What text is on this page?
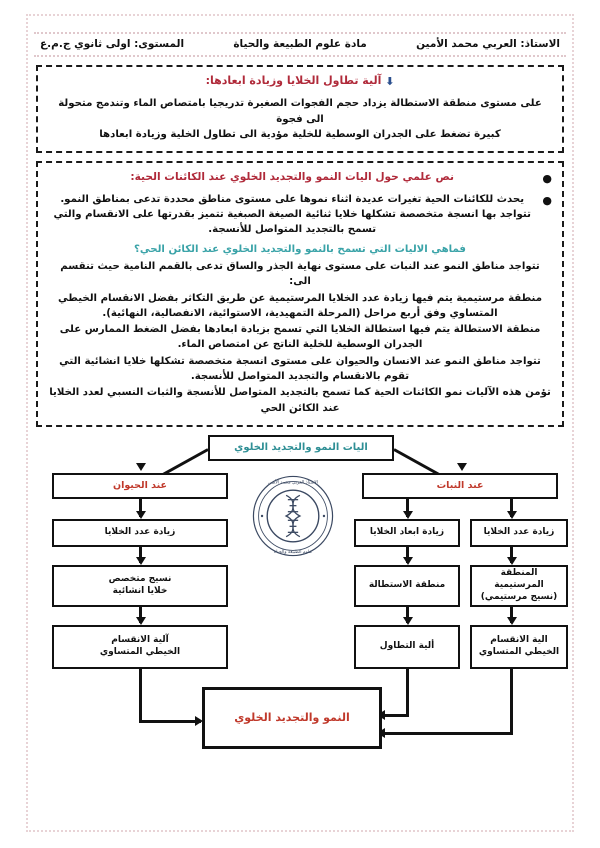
الاستاذ: العربي محمد الأمين
مادة علوم الطبيعة والحياة
المستوى: اولى ثانوي ج.م.ع
⬇ آلية تطاول الخلايا وزيادة ابعادها:
على مستوى منطقة الاستطالة يزداد حجم الفجوات الصغيرة تدريجيا بامتصاص الماء وتندمج متحولة الى فجوة
كبيرة تضغط على الجدران الوسطية للخلية مؤدية الى تطاول الخلية وزيادة ابعادها
●
نص علمي حول اليات النمو والتجديد الخلوي عند الكائنات الحية:
●
يحدث للكائنات الحية تغيرات عديدة اثناء نموها على مستوى مناطق محددة تدعى بمناطق النمو. تتواجد بها انسجة متخصصة تشكلها خلايا ثنائية الصيغة الصبغية تتميز بقدرتها على الانقسام والتي تسمح بالتجديد المتواصل للأنسجة.
فماهي الاليات التي تسمح بالنمو والتجديد الخلوي عند الكائن الحي؟
تتواجد مناطق النمو عند النبات على مستوى نهاية الجذر والساق تدعى بالقمم النامية حيث تنقسم الى:
منطقة مرستيمية يتم فيها زيادة عدد الخلايا المرستيمية عن طريق التكاثر بفضل الانقسام الخيطي المتساوي وفق أربع مراحل (المرحلة التمهيدية، الاستوائية، الانفصالية، النهائية).
منطقة الاستطالة يتم فيها استطالة الخلايا التي تسمح بزيادة ابعادها بفضل الضغط الممارس على الجدران الوسطية للخلية الناتج عن امتصاص الماء.
تتواجد مناطق النمو عند الانسان والحيوان على مستوى انسجة متخصصة تشكلها خلايا انشائية التي تقوم بالانقسام والتجديد المتواصل للأنسجة.
تؤمن هذه الآليات نمو الكائنات الحية كما تسمح بالتجديد المتواصل للأنسجة والثبات النسبي لعدد الخلايا عند الكائن الحي
الاستاذ العربي محمد الأمين
علوم الطبيعة والحياة
اليات النمو والتجديد الخلوي
عند الحيوان
زيادة عدد الخلايا
نسيج متخصص
خلايا انشائية
آلية الانقسام
الخيطي المتساوي
عند النبات
زيادة ابعاد الخلايا
منطقة الاستطالة
ألية التطاول
زيادة عدد الخلايا
المنطقة المرستيمية
(نسيج مرستيمي)
الية الانقسام
الخيطي المتساوي
النمو والتجديد الخلوي
